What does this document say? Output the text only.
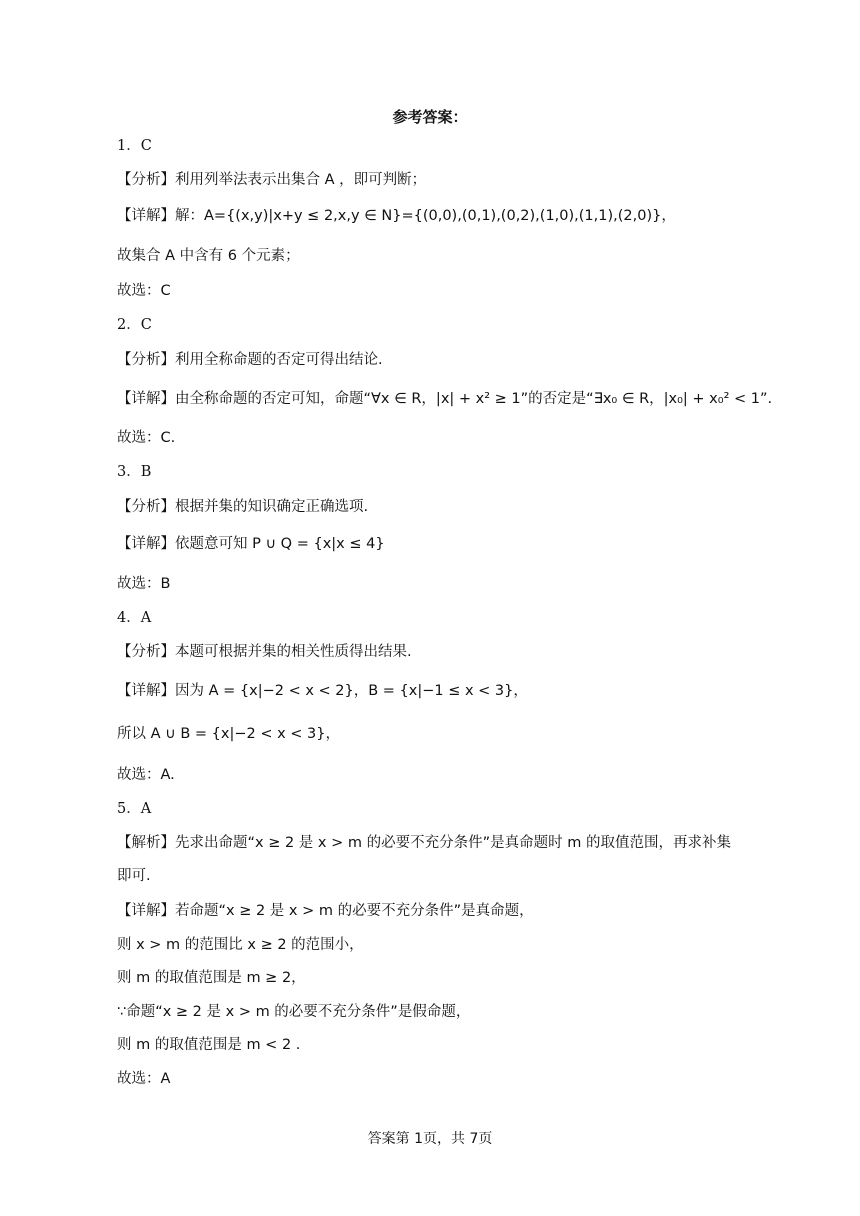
参考答案：
1．C
【分析】利用列举法表示出集合 A ，即可判断；
【详解】解：A={(x,y)|x+y ≤ 2,x,y ∈ N}={(0,0),(0,1),(0,2),(1,0),(1,1),(2,0)}，
故集合 A 中含有 6 个元素；
故选：C
2．C
【分析】利用全称命题的否定可得出结论.
【详解】由全称命题的否定可知，命题“∀x ∈ R，|x| + x² ≥ 1”的否定是“∃x₀ ∈ R，|x₀| + x₀² < 1”.
故选：C.
3．B
【分析】根据并集的知识确定正确选项.
【详解】依题意可知 P ∪ Q = {x|x ≤ 4}
故选：B
4．A
【分析】本题可根据并集的相关性质得出结果.
【详解】因为 A = {x|−2 < x < 2}，B = {x|−1 ≤ x < 3}，
所以 A ∪ B = {x|−2 < x < 3}，
故选：A.
5．A
【解析】先求出命题“x ≥ 2 是 x > m 的必要不充分条件”是真命题时 m 的取值范围，再求补集
即可.
【详解】若命题“x ≥ 2 是 x > m 的必要不充分条件”是真命题，
则 x > m 的范围比 x ≥ 2 的范围小，
则 m 的取值范围是 m ≥ 2，
∵命题“x ≥ 2 是 x > m 的必要不充分条件”是假命题，
则 m 的取值范围是 m < 2 .
故选：A
答案第 1页，共 7页
